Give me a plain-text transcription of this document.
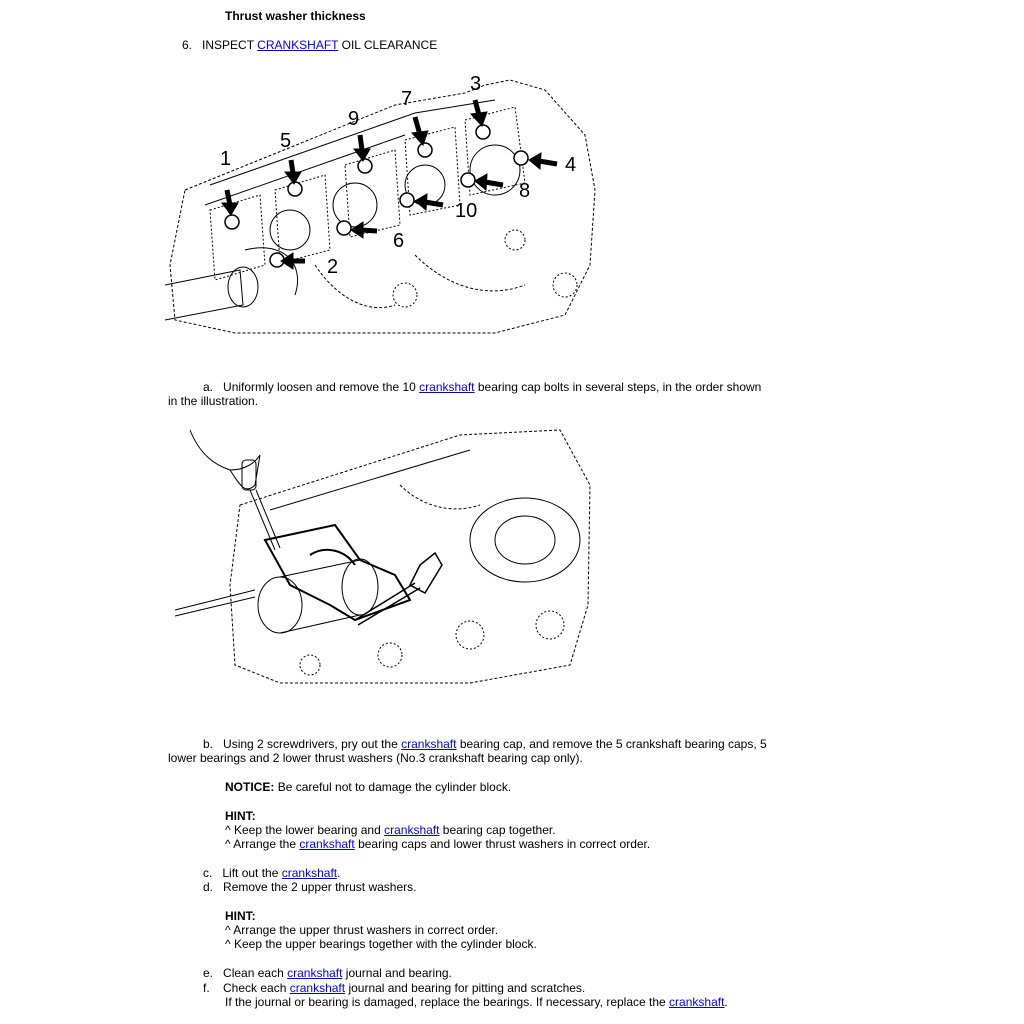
Thrust washer thickness
6. INSPECT CRANKSHAFT OIL CLEARANCE
1
2
3
4
5
6
7
8
9
10
a. Uniformly loosen and remove the 10 crankshaft bearing cap bolts in several steps, in the order shown
in the illustration.
b. Using 2 screwdrivers, pry out the crankshaft bearing cap, and remove the 5 crankshaft bearing caps, 5
lower bearings and 2 lower thrust washers (No.3 crankshaft bearing cap only).
NOTICE: Be careful not to damage the cylinder block.
HINT:
^ Keep the lower bearing and crankshaft bearing cap together.
^ Arrange the crankshaft bearing caps and lower thrust washers in correct order.
c. Lift out the crankshaft.
d. Remove the 2 upper thrust washers.
HINT:
^ Arrange the upper thrust washers in correct order.
^ Keep the upper bearings together with the cylinder block.
e. Clean each crankshaft journal and bearing.
f. Check each crankshaft journal and bearing for pitting and scratches.
If the journal or bearing is damaged, replace the bearings. If necessary, replace the crankshaft.
